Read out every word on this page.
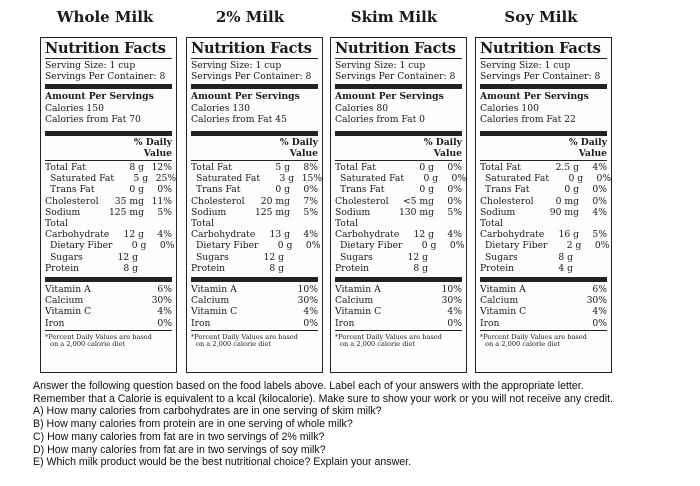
Whole Milk	2% Milk	Skim Milk	Soy Milk
Nutrition Facts
Serving Size: 1 cup
Servings Per Container: 8
Amount Per Servings
Calories 150
Calories from Fat 70
% Daily
Value
Total Fat	8 g 12%
Saturated Fat	5 g 25%
Trans Fat	0 g 0%
Cholesterol	35 mg 11%
Sodium	125 mg 5%
Total
Carbohydrate	12 g 4%
Dietary Fiber	0 g 0%
Sugars	12 g
Protein	8 g
Vitamin A	6%
Calcium	30%
Vitamin C	4%
Iron	0%
*Percent Daily Values are based
on a 2,000 calorie diet
Nutrition Facts
Serving Size: 1 cup
Servings Per Container: 8
Amount Per Servings
Calories 130
Calories from Fat 45
% Daily
Value
Total Fat	5 g 8%
Saturated Fat	3 g 15%
Trans Fat	0 g 0%
Cholesterol	20 mg 7%
Sodium	125 mg 5%
Total
Carbohydrate	13 g 4%
Dietary Fiber	0 g 0%
Sugars	12 g
Protein	8 g
Vitamin A	10%
Calcium	30%
Vitamin C	4%
Iron	0%
*Percent Daily Values are based
on a 2,000 calorie diet
Nutrition Facts
Serving Size: 1 cup
Servings Per Container: 8
Amount Per Servings
Calories 80
Calories from Fat 0
% Daily
Value
Total Fat	0 g 0%
Saturated Fat	0 g 0%
Trans Fat	0 g 0%
Cholesterol	<5 mg 0%
Sodium	130 mg 5%
Total
Carbohydrate	12 g 4%
Dietary Fiber	0 g 0%
Sugars	12 g
Protein	8 g
Vitamin A	10%
Calcium	30%
Vitamin C	4%
Iron	0%
*Percent Daily Values are based
on a 2,000 calorie diet
Nutrition Facts
Serving Size: 1 cup
Servings Per Container: 8
Amount Per Servings
Calories 100
Calories from Fat 22
% Daily
Value
Total Fat	2.5 g 4%
Saturated Fat	0 g 0%
Trans Fat	0 g 0%
Cholesterol	0 mg 0%
Sodium	90 mg 4%
Total
Carbohydrate	16 g 5%
Dietary Fiber	2 g 0%
Sugars	8 g
Protein	4 g
Vitamin A	6%
Calcium	30%
Vitamin C	4%
Iron	0%
*Percent Daily Values are based
on a 2,000 calorie diet
Answer the following question based on the food labels above. Label each of your answers with the appropriate letter.
Remember that a Calorie is equivalent to a kcal (kilocalorie). Make sure to show your work or you will not receive any credit.
A) How many calories from carbohydrates are in one serving of skim milk?
B) How many calories from protein are in one serving of whole milk?
C) How many calories from fat are in two servings of 2% milk?
D) How many calories from fat are in two servings of soy milk?
E) Which milk product would be the best nutritional choice? Explain your answer.
